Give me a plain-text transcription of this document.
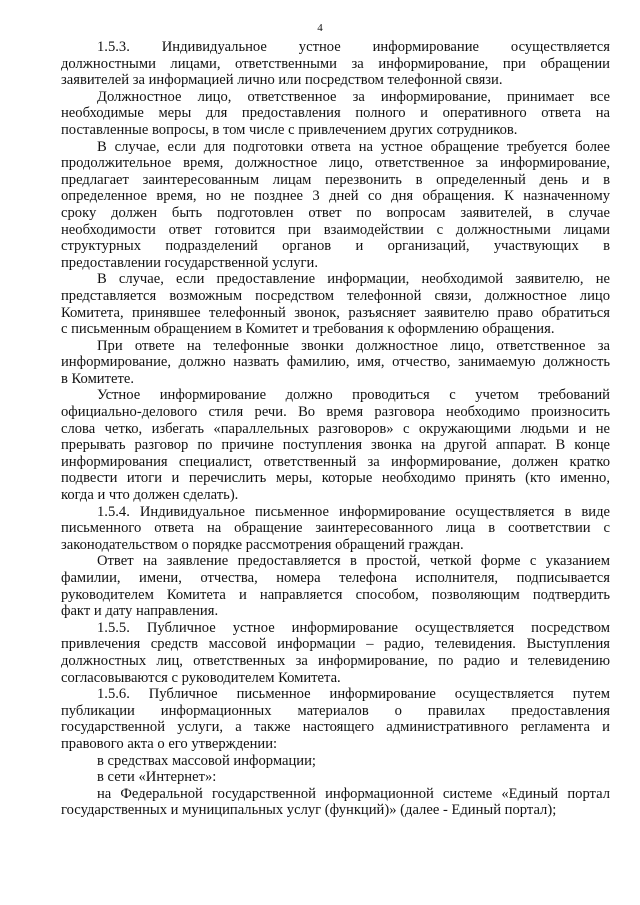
4
1.5.3. Индивидуальное устное информирование осуществляется
должностными лицами, ответственными за информирование, при обращении
заявителей за информацией лично или посредством телефонной связи.
Должностное лицо, ответственное за информирование, принимает все
необходимые меры для предоставления полного и оперативного ответа на
поставленные вопросы, в том числе с привлечением других сотрудников.
В случае, если для подготовки ответа на устное обращение требуется более
продолжительное время, должностное лицо, ответственное за информирование,
предлагает заинтересованным лицам перезвонить в определенный день и в
определенное время, но не позднее 3 дней со дня обращения. К назначенному
сроку должен быть подготовлен ответ по вопросам заявителей, в случае
необходимости ответ готовится при взаимодействии с должностными лицами
структурных подразделений органов и организаций, участвующих в
предоставлении государственной услуги.
В случае, если предоставление информации, необходимой заявителю, не
представляется возможным посредством телефонной связи, должностное лицо
Комитета, принявшее телефонный звонок, разъясняет заявителю право обратиться
с письменным обращением в Комитет и требования к оформлению обращения.
При ответе на телефонные звонки должностное лицо, ответственное за
информирование, должно назвать фамилию, имя, отчество, занимаемую должность
в Комитете.
Устное информирование должно проводиться с учетом требований
официально-делового стиля речи. Во время разговора необходимо произносить
слова четко, избегать «параллельных разговоров» с окружающими людьми и не
прерывать разговор по причине поступления звонка на другой аппарат. В конце
информирования специалист, ответственный за информирование, должен кратко
подвести итоги и перечислить меры, которые необходимо принять (кто именно,
когда и что должен сделать).
1.5.4. Индивидуальное письменное информирование осуществляется в виде
письменного ответа на обращение заинтересованного лица в соответствии с
законодательством о порядке рассмотрения обращений граждан.
Ответ на заявление предоставляется в простой, четкой форме с указанием
фамилии, имени, отчества, номера телефона исполнителя, подписывается
руководителем Комитета и направляется способом, позволяющим подтвердить
факт и дату направления.
1.5.5. Публичное устное информирование осуществляется посредством
привлечения средств массовой информации – радио, телевидения. Выступления
должностных лиц, ответственных за информирование, по радио и телевидению
согласовываются с руководителем Комитета.
1.5.6. Публичное письменное информирование осуществляется путем
публикации информационных материалов о правилах предоставления
государственной услуги, а также настоящего административного регламента и
правового акта о его утверждении:
в средствах массовой информации;
в сети «Интернет»:
на Федеральной государственной информационной системе «Единый портал
государственных и муниципальных услуг (функций)» (далее - Единый портал);
